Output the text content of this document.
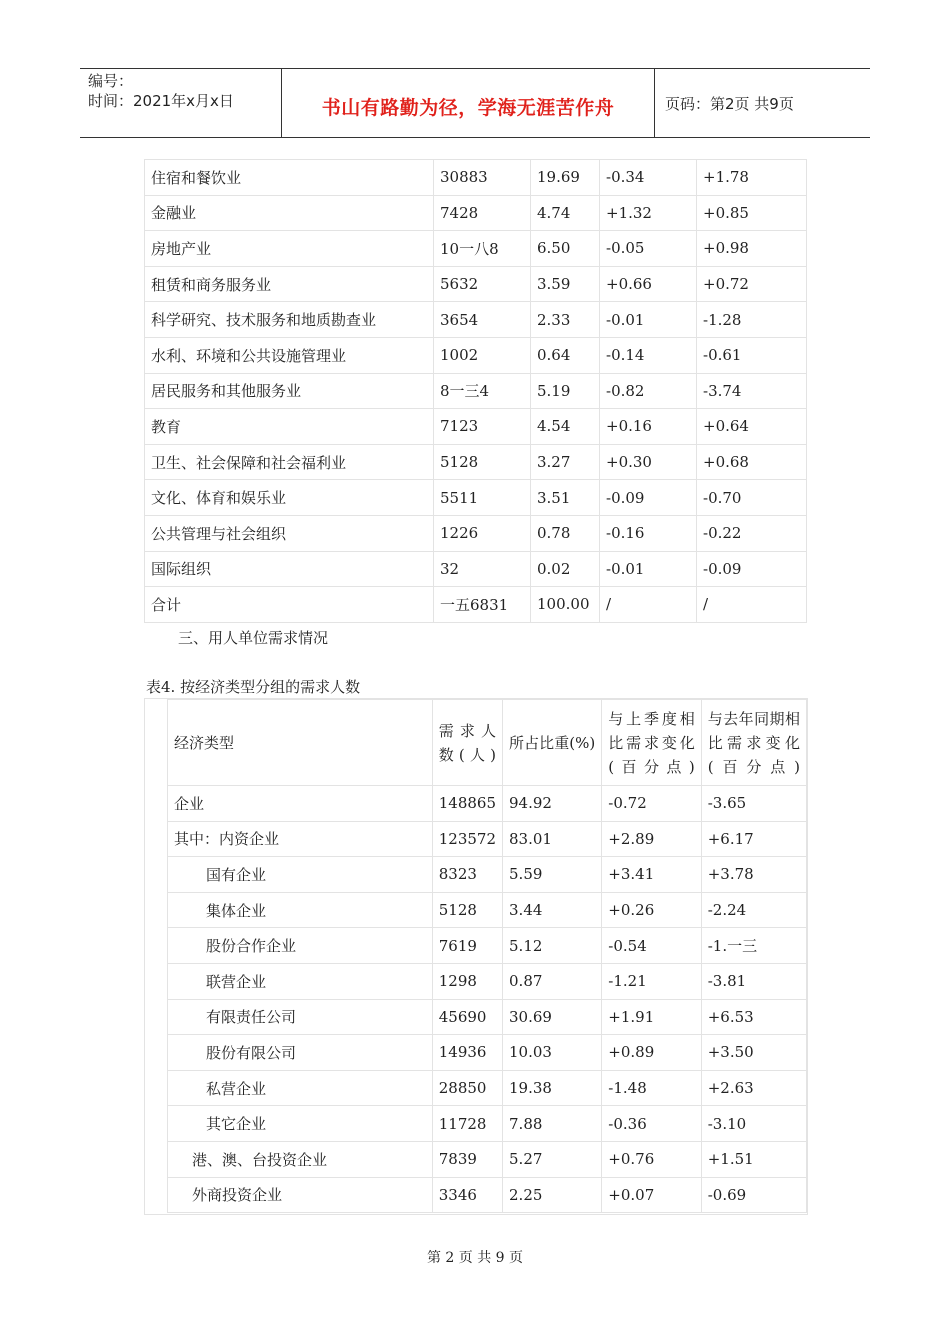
编号：
时间：2021年x月x日	书山有路勤为径，学海无涯苦作舟	页码：第2页 共9页
住宿和餐饮业	30883	19.69	-0.34	+1.78
金融业	7428	4.74	+1.32	+0.85
房地产业	10一八8	6.50	-0.05	+0.98
租赁和商务服务业	5632	3.59	+0.66	+0.72
科学研究、技术服务和地质勘查业	3654	2.33	-0.01	-1.28
水利、环境和公共设施管理业	1002	0.64	-0.14	-0.61
居民服务和其他服务业	8一三4	5.19	-0.82	-3.74
教育	7123	4.54	+0.16	+0.64
卫生、社会保障和社会福利业	5128	3.27	+0.30	+0.68
文化、体育和娱乐业	5511	3.51	-0.09	-0.70
公共管理与社会组织	1226	0.78	-0.16	-0.22
国际组织	32	0.02	-0.01	-0.09
合计	一五6831	100.00	/	/
三、用人单位需求情况
表4. 按经济类型分组的需求人数
经济类型	需求人数(人)	所占比重(%)	与上季度相比需求变化(百分点)	与去年同期相比需求变化(百分点)
企业	148865	94.92	-0.72	-3.65
其中：内资企业	123572	83.01	+2.89	+6.17
国有企业	8323	5.59	+3.41	+3.78
集体企业	5128	3.44	+0.26	-2.24
股份合作企业	7619	5.12	-0.54	-1.一三
联营企业	1298	0.87	-1.21	-3.81
有限责任公司	45690	30.69	+1.91	+6.53
股份有限公司	14936	10.03	+0.89	+3.50
私营企业	28850	19.38	-1.48	+2.63
其它企业	11728	7.88	-0.36	-3.10
港、澳、台投资企业	7839	5.27	+0.76	+1.51
外商投资企业	3346	2.25	+0.07	-0.69
第 2 页 共 9 页
